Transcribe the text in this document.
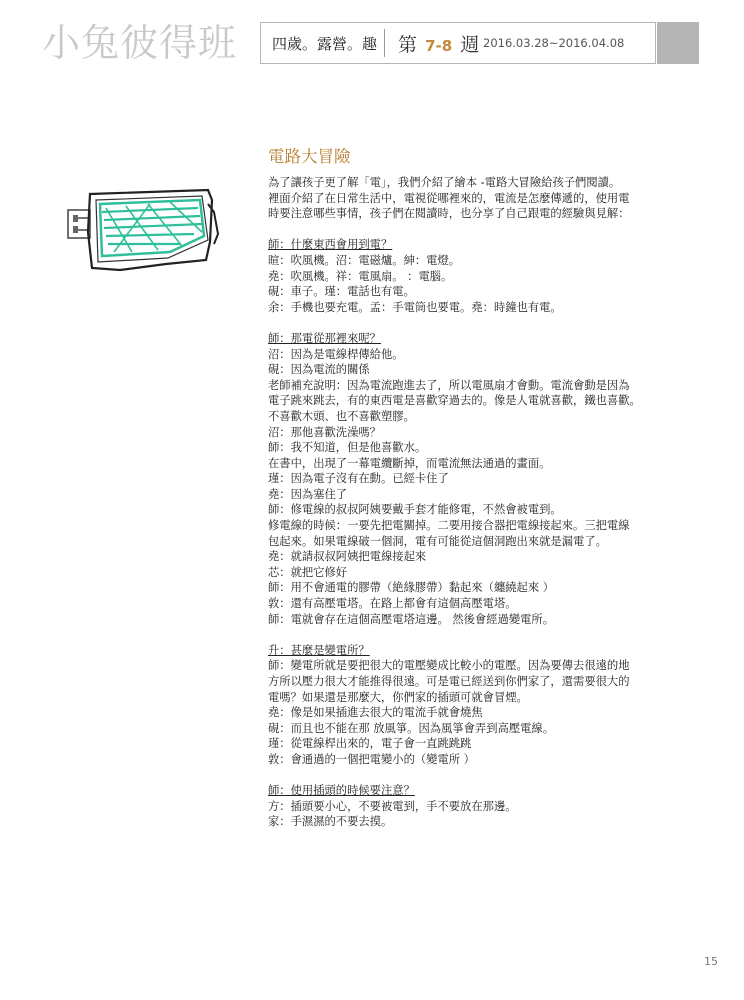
小兔彼得班 四歲。露營。趣 第 7-8 週 2016.03.28~2016.04.08
電路大冒險
為了讓孩子更了解「電」，我們介紹了繪本 -電路大冒險給孩子們閱讀。
裡面介紹了在日常生活中，電視從哪裡來的，電流是怎麼傳遞的，使用電
時要注意哪些事情，孩子們在閱讀時，也分享了自己跟電的經驗與見解：
師：什麼東西會用到電？
暄：吹風機。沼：電磁爐。紳：電燈。
堯：吹風機。祥：電風扇。 ：電腦。
硯：車子。瑾：電話也有電。
余：手機也要充電。孟：手電筒也要電。堯：時鐘也有電。
師：那電從那裡來呢？
沼：因為是電線桿傳給他。
硯：因為電流的關係
老師補充說明：因為電流跑進去了，所以電風扇才會動。電流會動是因為
電子跳來跳去，有的東西電是喜歡穿過去的。像是人電就喜歡，鐵也喜歡。
不喜歡木頭、也不喜歡塑膠。
沼：那他喜歡洗澡嗎？
師：我不知道，但是他喜歡水。
在書中，出現了一幕電纜斷掉，而電流無法通過的畫面。
瑾：因為電子沒有在動。已經卡住了
堯：因為塞住了
師：修電線的叔叔阿姨要戴手套才能修電，不然會被電到。
修電線的時候：一要先把電關掉。二要用接合器把電線接起來。三把電線
包起來。如果電線破一個洞，電有可能從這個洞跑出來就是漏電了。
堯：就請叔叔阿姨把電線接起來
芯：就把它修好
師：用不會通電的膠帶（絶緣膠帶）黏起來（纏繞起來 ）
敦：還有高壓電塔。在路上都會有這個高壓電塔。
師：電就會存在這個高壓電塔這邊。 然後會經過變電所。
升：甚麼是變電所？
師：變電所就是要把很大的電壓變成比較小的電壓。因為要傳去很遠的地
方所以壓力很大才能推得很遠。可是電已經送到你們家了，還需要很大的
電嗎？如果還是那麼大，你們家的插頭可就會冒煙。
堯：像是如果插進去很大的電流手就會燒焦
硯：而且也不能在那 放風箏。因為風箏會弄到高壓電線。
瑾：從電線桿出來的，電子會一直跳跳跳
敦：會通過的一個把電變小的（變電所 ）
師：使用插頭的時候要注意？
方：插頭要小心，不要被電到，手不要放在那邊。
家：手濕濕的不要去摸。
15
